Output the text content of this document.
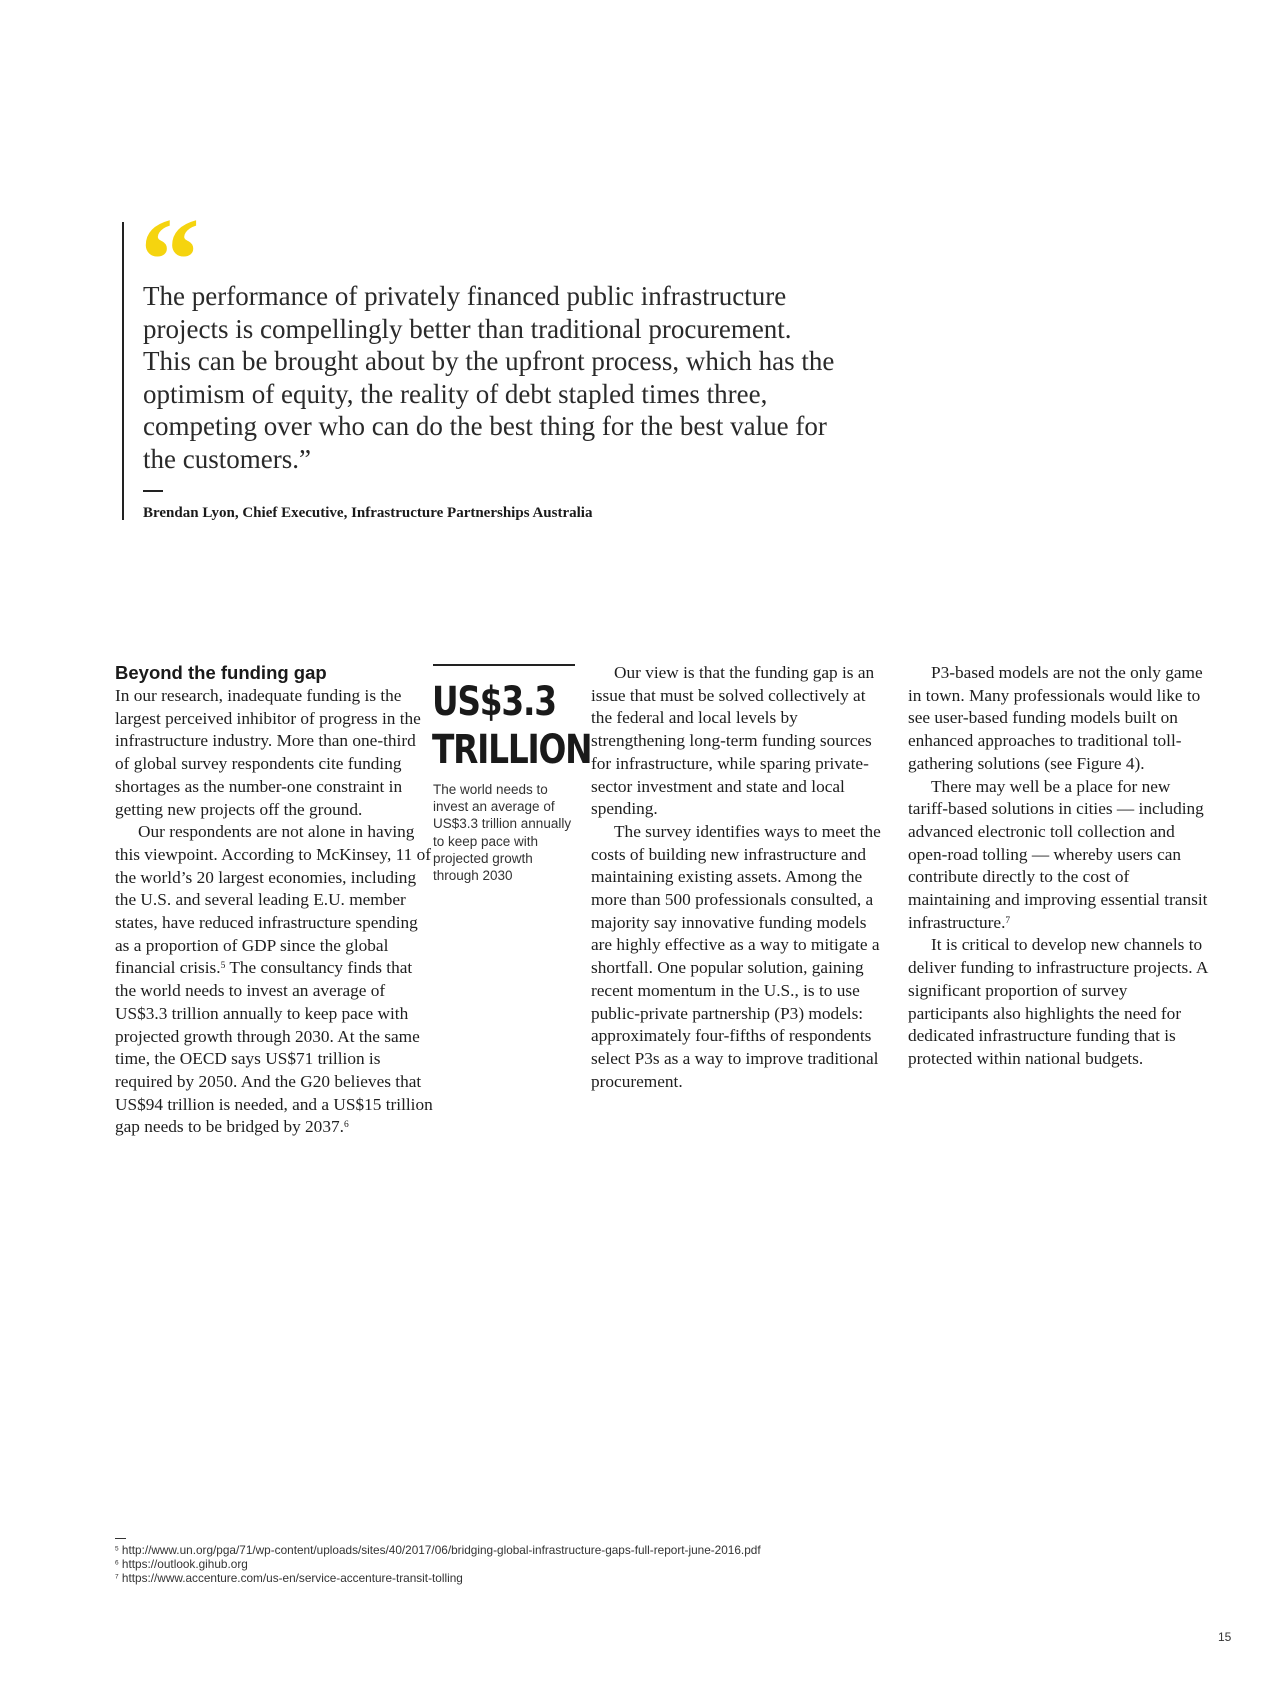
“

The performance of privately financed public infrastructure projects is compellingly better than traditional procurement. This can be brought about by the upfront process, which has the optimism of equity, the reality of debt stapled times three, competing over who can do the best thing for the best value for the customers.”

Brendan Lyon, Chief Executive, Infrastructure Partnerships Australia

Beyond the funding gap

In our research, inadequate funding is the largest perceived inhibitor of progress in the infrastructure industry. More than one-third of global survey respondents cite funding shortages as the number-one constraint in getting new projects off the ground.

Our respondents are not alone in having this viewpoint. According to McKinsey, 11 of the world’s 20 largest economies, including the U.S. and several leading E.U. member states, have reduced infrastructure spending as a proportion of GDP since the global financial crisis.$^5$ The consultancy finds that the world needs to invest an average of US$3.3 trillion annually to keep pace with projected growth through 2030. At the same time, the OECD says US$71 trillion is required by 2050. And the G20 believes that US$94 trillion is needed, and a US$15 trillion gap needs to be bridged by 2037.$^6$

US$3.3
TRILLION

The world needs to invest an average of US$3.3 trillion annually to keep pace with projected growth through 2030

Our view is that the funding gap is an issue that must be solved collectively at the federal and local levels by strengthening long-term funding sources for infrastructure, while sparing private-sector investment and state and local spending.

The survey identifies ways to meet the costs of building new infrastructure and maintaining existing assets. Among the more than 500 professionals consulted, a majority say innovative funding models are highly effective as a way to mitigate a shortfall. One popular solution, gaining recent momentum in the U.S., is to use public-private partnership (P3) models: approximately four-fifths of respondents select P3s as a way to improve traditional procurement.

P3-based models are not the only game in town. Many professionals would like to see user-based funding models built on enhanced approaches to traditional toll-gathering solutions (see Figure 4).

There may well be a place for new tariff-based solutions in cities — including advanced electronic toll collection and open-road tolling — whereby users can contribute directly to the cost of maintaining and improving essential transit infrastructure.$^7$

It is critical to develop new channels to deliver funding to infrastructure projects. A significant proportion of survey participants also highlights the need for dedicated infrastructure funding that is protected within national budgets.

$^5$ http://www.un.org/pga/71/wp-content/uploads/sites/40/2017/06/bridging-global-infrastructure-gaps-full-report-june-2016.pdf
$^6$ https://outlook.gihub.org
$^7$ https://www.accenture.com/us-en/service-accenture-transit-tolling
15
